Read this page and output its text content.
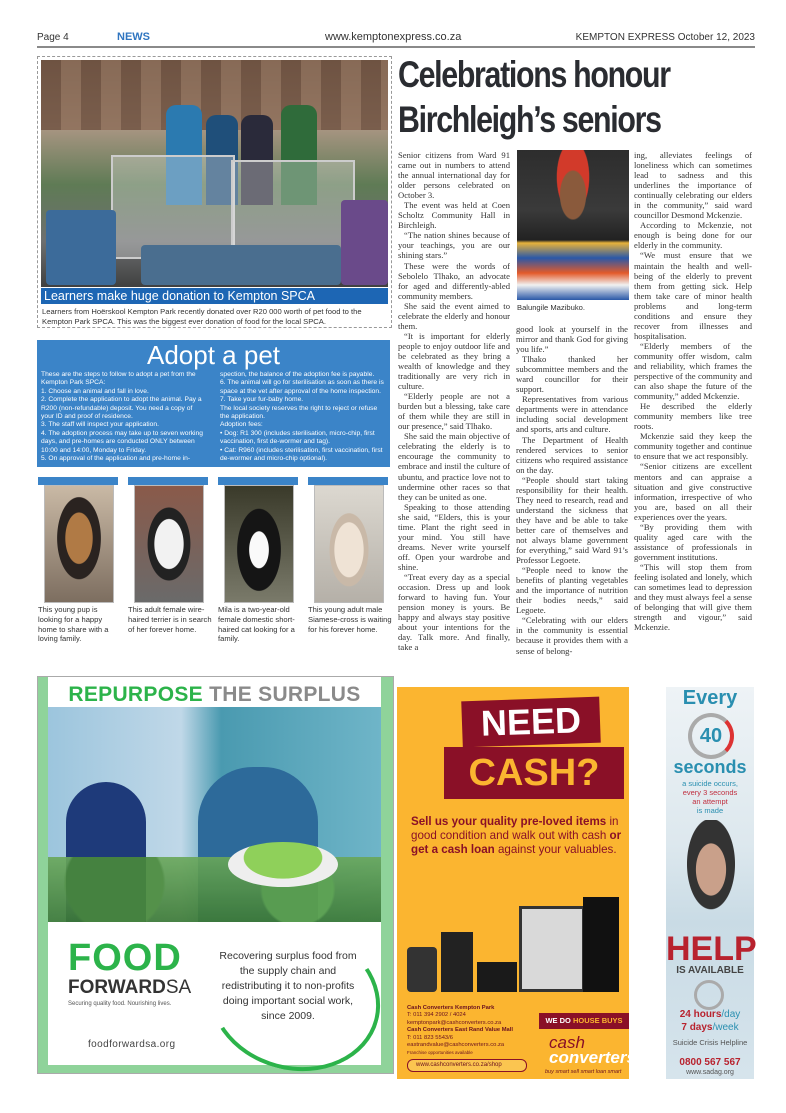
Page 4	NEWS	www.kemptonexpress.co.za	KEMPTON EXPRESS October 12, 2023
Learners make huge donation to Kempton SPCA
Learners from Hoërskool Kempton Park recently donated over R20 000 worth of pet food to the Kempton Park SPCA. This was the biggest ever donation of food for the local SPCA.
Adopt a pet
These are the steps to follow to adopt a pet from the Kempton Park SPCA:
1. Choose an animal and fall in love.
2. Complete the application to adopt the animal. Pay a R200 (non-refundable) deposit. You need a copy of your ID and proof of residence.
3. The staff will inspect your application.
4. The adoption process may take up to seven working days, and pre-homes are conducted ONLY between 10:00 and 14:00, Monday to Friday.
5. On approval of the application and pre-home in-
spection, the balance of the adoption fee is payable.
6. The animal will go for sterilisation as soon as there is space at the vet after approval of the home inspection.
7. Take your fur-baby home.
The local society reserves the right to reject or refuse the application.
Adoption fees:
• Dog: R1 300 (includes sterilisation, micro-chip, first vaccination, first de-wormer and tag).
• Cat: R960 (includes sterilisation, first vaccination, first de-wormer and micro-chip optional).
This young pup is looking for a happy home to share with a loving family.
This adult female wire-haired terrier is in search of her forever home.
Mila is a two-year-old female domestic short-haired cat looking for a family.
This young adult male Siamese-cross is waiting for his forever home.
Celebrations honour
Birchleigh’s seniors

Senior citizens from Ward 91 came out in numbers to attend the annual international day for older persons celebrated on October 3.

The event was held at Coen Scholtz Community Hall in Birchleigh.

“The nation shines because of your teachings, you are our shining stars.”

These were the words of Sebolelo Tlhako, an advocate for aged and differently-abled community members.

She said the event aimed to celebrate the elderly and honour them.

“It is important for elderly people to enjoy outdoor life and be celebrated as they bring a wealth of knowledge and they traditionally are very rich in culture.

“Elderly people are not a burden but a blessing, take care of them while they are still in our presence,” said Tlhako.

She said the main objective of celebrating the elderly is to encourage the community to embrace and instil the culture of ubuntu, and practice love not to undermine other races so that they can be united as one.

Speaking to those attending she said, “Elders, this is your time. Plant the right seed in your mind. You still have dreams. Never write yourself off. Open your wardrobe and shine.

“Treat every day as a special occasion. Dress up and look forward to having fun. Your pension money is yours. Be happy and always stay positive about your intentions for the day. Talk more. And finally, take a

Balungile Mazibuko.

good look at yourself in the mirror and thank God for giving you life.”

Tlhako thanked her subcommittee members and the ward councillor for their support.

Representatives from various departments were in attendance including social development and sports, arts and culture.

The Department of Health rendered services to senior citizens who required assistance on the day.

“People should start taking responsibility for their health. They need to research, read and understand the sickness that they have and be able to take better care of themselves and not always blame government for everything,” said Ward 91’s Professor Legoete.

“People need to know the benefits of planting vegetables and the importance of nutrition their bodies needs,” said Legoete.

“Celebrating with our elders in the community is essential because it provides them with a sense of belong-

ing, alleviates feelings of loneliness which can sometimes lead to sadness and this underlines the importance of continually celebrating our elders in the community,” said ward councillor Desmond Mckenzie.

According to Mckenzie, not enough is being done for our elderly in the community.

“We must ensure that we maintain the health and well-being of the elderly to prevent them from getting sick. Help them take care of minor health problems and long-term conditions and ensure they recover from illnesses and hospitalisation.

“Elderly members of the community offer wisdom, calm and reliability, which frames the perspective of the community and can also shape the future of the community,” added Mckenzie.

He described the elderly community members like tree roots.

Mckenzie said they keep the community together and continue to ensure that we act responsibly.

“Senior citizens are excellent mentors and can appraise a situation and give constructive information, irrespective of who you are, based on all their experiences over the years.

“By providing them with quality aged care with the assistance of professionals in government institutions.

“This will stop them from feeling isolated and lonely, which can sometimes lead to depression and they must always feel a sense of belonging that will give them strength and vigour,” said Mckenzie.

REPURPOSE THE SURPLUS
FOOD
FORWARDSA
Securing quality food. Nourishing lives.
foodforwardsa.org
Recovering surplus food from the supply chain and redistributing it to non-profits doing important social work, since 2009.
NEED
CASH?
Sell us your quality pre-loved items in good condition and walk out with cash or get a cash loan against your valuables.
Cash Converters Kempton Park
T: 011 394 2902 / 4024
kemptonpark@cashconverters.co.za
Cash Converters East Rand Value Mall
T: 011 823 5543/6
eastrandvalue@cashconverters.co.za
Franchise opportunities available
www.cashconverters.co.za/shop
WE DO HOUSE BUYS
cash
converters
buy smart sell smart loan smart
Every
40
seconds
a suicide occurs,
every 3 seconds
an attempt
is made
HELP
IS AVAILABLE
24 hours/day
7 days/week
Suicide Crisis Helpline
0800 567 567
www.sadag.org
